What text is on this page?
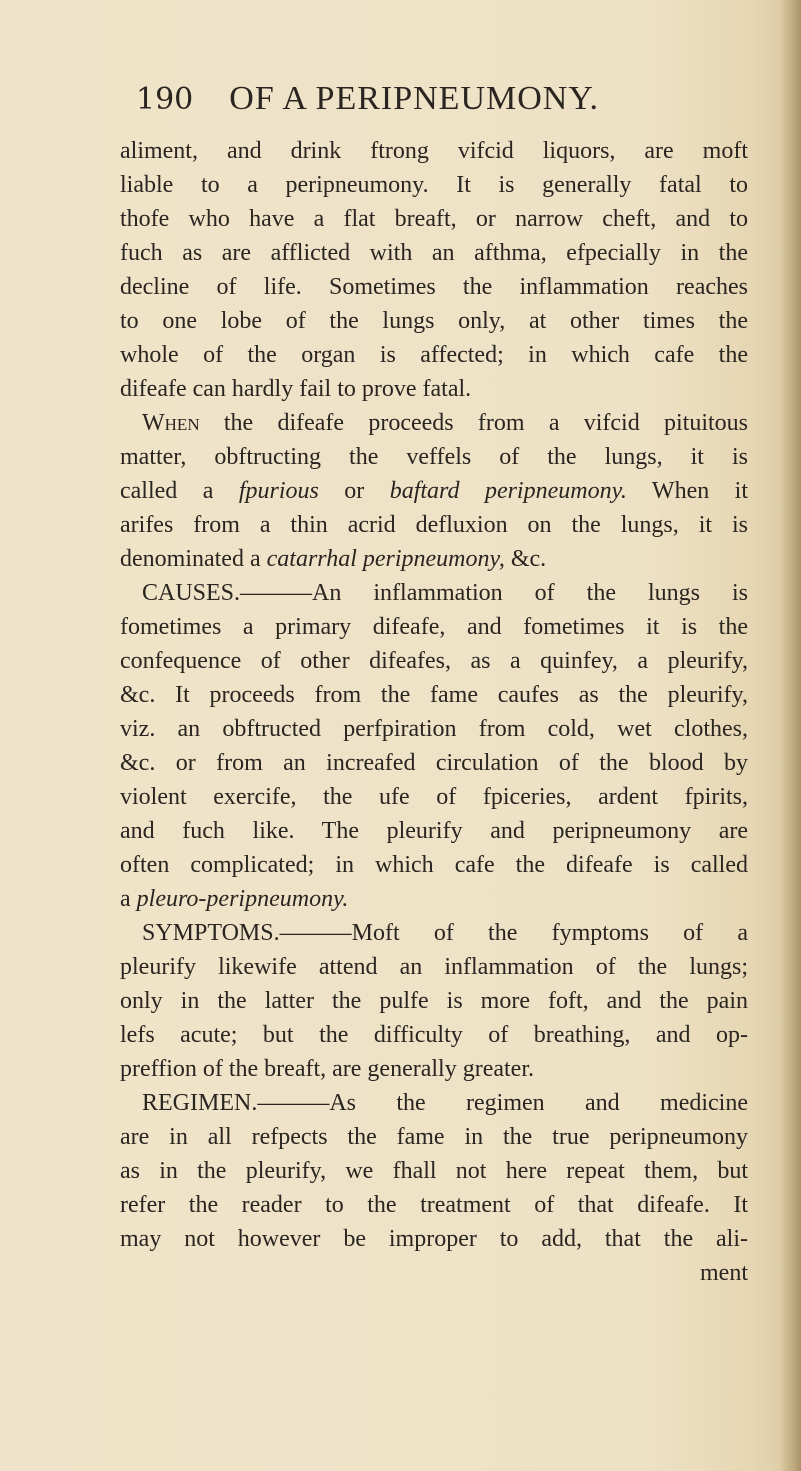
190 OF A PERIPNEUMONY.
aliment, and drink ftrong vifcid liquors, are moft
liable to a peripneumony. It is generally fatal to
thofe who have a flat breaft, or narrow cheft, and to
fuch as are afflicted with an afthma, efpecially in the
decline of life. Sometimes the inflammation reaches
to one lobe of the lungs only, at other times the
whole of the organ is affected; in which cafe the
difeafe can hardly fail to prove fatal.
When the difeafe proceeds from a vifcid pituitous
matter, obftructing the veffels of the lungs, it is
called a fpurious or baftard peripneumony. When it
arifes from a thin acrid defluxion on the lungs, it is
denominated a catarrhal peripneumony, &c.
CAUSES.———An inflammation of the lungs is
fometimes a primary difeafe, and fometimes it is the
confequence of other difeafes, as a quinfey, a pleurify,
&c. It proceeds from the fame caufes as the pleurify,
viz. an obftructed perfpiration from cold, wet clothes,
&c. or from an increafed circulation of the blood by
violent exercife, the ufe of fpiceries, ardent fpirits,
and fuch like. The pleurify and peripneumony are
often complicated; in which cafe the difeafe is called
a pleuro-peripneumony.
SYMPTOMS.———Moft of the fymptoms of a
pleurify likewife attend an inflammation of the lungs;
only in the latter the pulfe is more foft, and the pain
lefs acute; but the difficulty of breathing, and op-
preffion of the breaft, are generally greater.
REGIMEN.———As the regimen and medicine
are in all refpects the fame in the true peripneumony
as in the pleurify, we fhall not here repeat them, but
refer the reader to the treatment of that difeafe. It
may not however be improper to add, that the ali-
ment
